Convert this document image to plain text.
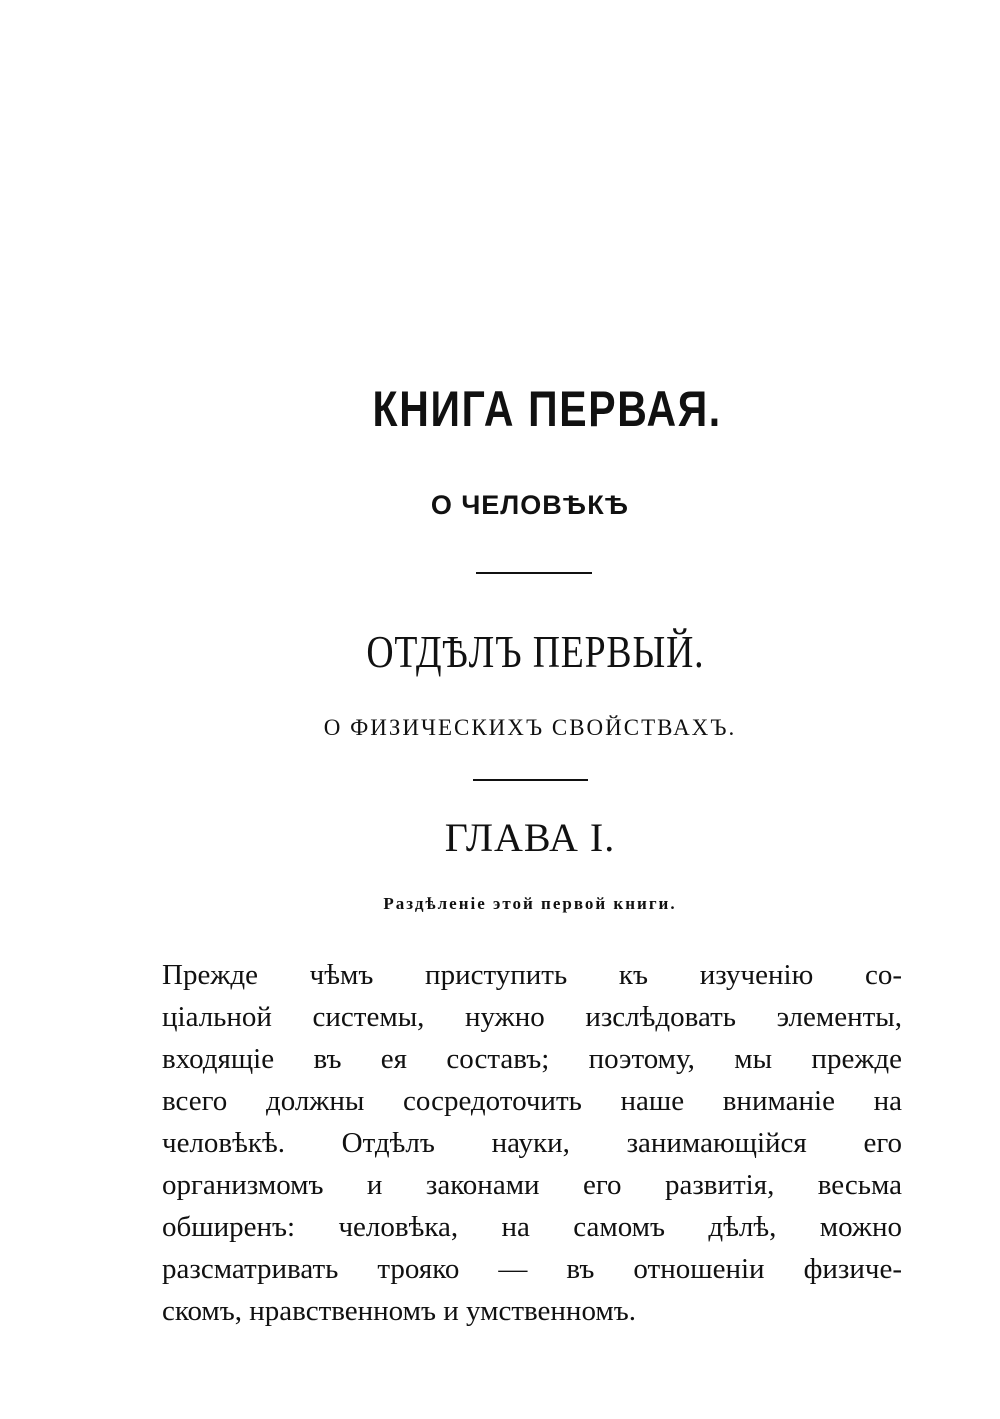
КНИГА ПЕРВАЯ.
О ЧЕЛОВѢКѢ
ОТДѢЛЪ ПЕРВЫЙ.
О ФИЗИЧЕСКИХЪ СВОЙСТВАХЪ.
ГЛАВА I.
Раздѣленіе этой первой книги.
Прежде чѣмъ приступить къ изученію со-
ціальной системы, нужно изслѣдовать элементы,
входящіе въ ея составъ; поэтому, мы прежде
всего должны сосредоточить наше вниманіе на
человѣкѣ. Отдѣлъ науки, занимающійся его
организмомъ и законами его развитія, весьма
обширенъ: человѣка, на самомъ дѣлѣ, можно
разсматривать трояко — въ отношеніи физиче-
скомъ, нравственномъ и умственномъ.
